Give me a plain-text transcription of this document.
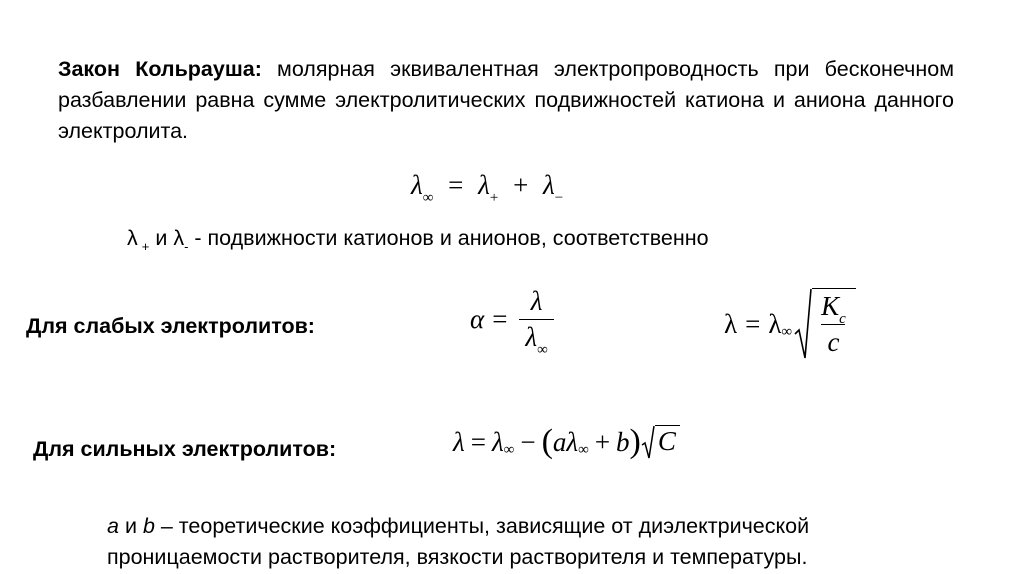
Закон Кольрауша: молярная эквивалентная электропроводность при бесконечном разбавлении равна сумме электролитических подвижностей катиона и аниона данного электролита.

$\lambda_\infty = \lambda_+ + \lambda_-$
λ $_+$ и $\lambda_-$ - подвижности катионов и анионов, соответственно
Для слабых электролитов:	$\alpha = \frac{\lambda}{\lambda_\infty}$	λ = λ ∞ $\frac{K_c}{c}$
Для сильных электролитов:	λ = λ ∞ − ( a λ ∞ + b ) C
a и b – теоретические коэффициенты, зависящие от диэлектрической проницаемости растворителя, вязкости растворителя и температуры.
